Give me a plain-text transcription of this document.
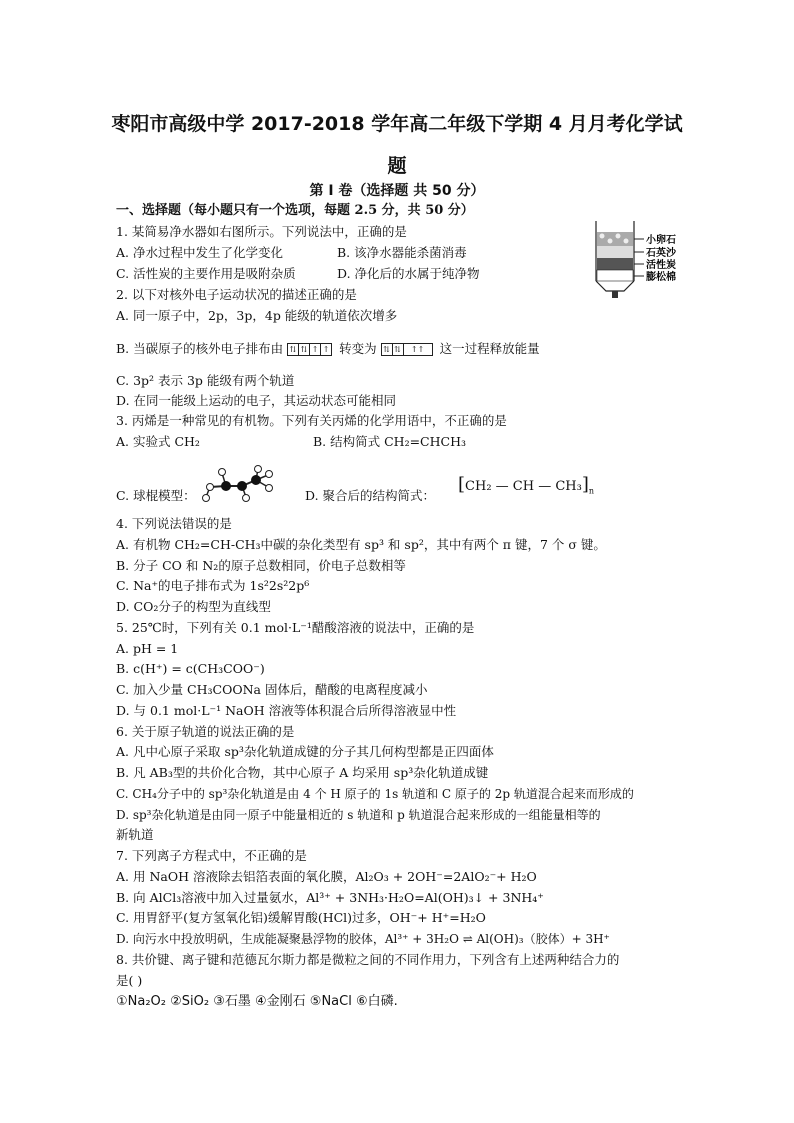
枣阳市高级中学 2017-2018 学年高二年级下学期 4 月月考化学试
题
第 I 卷（选择题 共 50 分）
一、选择题（每小题只有一个选项，每题 2.5 分，共 50 分）
小卵石
石英沙
活性炭
膨松棉
1. 某简易净水器如右图所示。下列说法中，正确的是
A. 净水过程中发生了化学变化	B. 该净水器能杀菌消毒
C. 活性炭的主要作用是吸附杂质	D. 净化后的水属于纯净物
2. 以下对核外电子运动状况的描述正确的是
A. 同一原子中，2p，3p，4p 能级的轨道依次增多
B. 当碳原子的核外电子排布由 ⇅ ⇅ ↑ ↑ 转变为 ⇅ ⇅ ↑↑ 这一过程释放能量
C. 3p² 表示 3p 能级有两个轨道
D. 在同一能级上运动的电子，其运动状态可能相同
3. 丙烯是一种常见的有机物。下列有关丙烯的化学用语中，不正确的是
A. 实验式 CH₂	B. 结构简式 CH₂=CHCH₃
C. 球棍模型：	D. 聚合后的结构简式：
[CH₂ — CH — $CH_3]_n$
4. 下列说法错误的是
A. 有机物 CH₂=CH-CH₃中碳的杂化类型有 sp³ 和 sp²，其中有两个 π 键，7 个 σ 键。
B. 分子 CO 和 N₂的原子总数相同，价电子总数相等
C. Na⁺的电子排布式为 1s²2s²2p⁶
D. CO₂分子的构型为直线型
5. 25℃时，下列有关 0.1 mol·L⁻¹醋酸溶液的说法中，正确的是
A. pH = 1
B. c(H⁺) = c(CH₃COO⁻)
C. 加入少量 CH₃COONa 固体后，醋酸的电离程度减小
D. 与 0.1 mol·L⁻¹ NaOH 溶液等体积混合后所得溶液显中性
6. 关于原子轨道的说法正确的是
A. 凡中心原子采取 sp³杂化轨道成键的分子其几何构型都是正四面体
B. 凡 AB₃型的共价化合物，其中心原子 A 均采用 sp³杂化轨道成键
C. CH₄分子中的 sp³杂化轨道是由 4 个 H 原子的 1s 轨道和 C 原子的 2p 轨道混合起来而形成的
D. sp³杂化轨道是由同一原子中能量相近的 s 轨道和 p 轨道混合起来形成的一组能量相等的
新轨道
7. 下列离子方程式中，不正确的是
A. 用 NaOH 溶液除去铝箔表面的氧化膜，Al₂O₃ + 2OH⁻=2AlO₂⁻+ H₂O
B. 向 AlCl₃溶液中加入过量氨水，Al³⁺ + 3NH₃·H₂O=Al(OH)₃↓ + 3NH₄⁺
C. 用胃舒平(复方氢氧化铝)缓解胃酸(HCl)过多，OH⁻+ H⁺=H₂O
D. 向污水中投放明矾，生成能凝聚悬浮物的胶体，Al³⁺ + 3H₂O ⇌ Al(OH)₃（胶体）+ 3H⁺
8. 共价键、离子键和范德瓦尔斯力都是微粒之间的不同作用力，下列含有上述两种结合力的
是( )
①Na₂O₂ ②SiO₂ ③石墨 ④金刚石 ⑤NaCl ⑥白磷.
